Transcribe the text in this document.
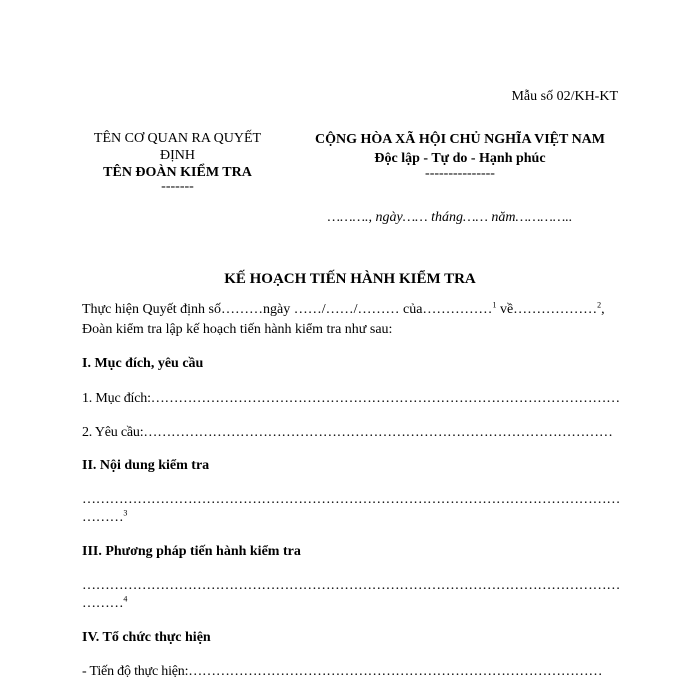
Mẫu số 02/KH-KT
TÊN CƠ QUAN RA QUYẾT
ĐỊNH
TÊN ĐOÀN KIỂM TRA
-------
CỘNG HÒA XÃ HỘI CHỦ NGHĨA VIỆT NAM
Độc lập - Tự do - Hạnh phúc
---------------
………., ngày…… tháng…… năm…………..
KẾ HOẠCH TIẾN HÀNH KIỂM TRA
Thực hiện Quyết định số………ngày ……/……/……… của……………$^1$ về………………$^2$,
Đoàn kiểm tra lập kế hoạch tiến hành kiểm tra như sau:
I. Mục đích, yêu cầu
1. Mục đích:…………………………………………………………………………………………
2. Yêu cầu:…………………………………………………………………………………………
II. Nội dung kiểm tra
………………………………………………………………………………………………………
………$^3$
III. Phương pháp tiến hành kiểm tra
………………………………………………………………………………………………………
………$^4$
IV. Tổ chức thực hiện
- Tiến độ thực hiện:………………………………………………………………………………
